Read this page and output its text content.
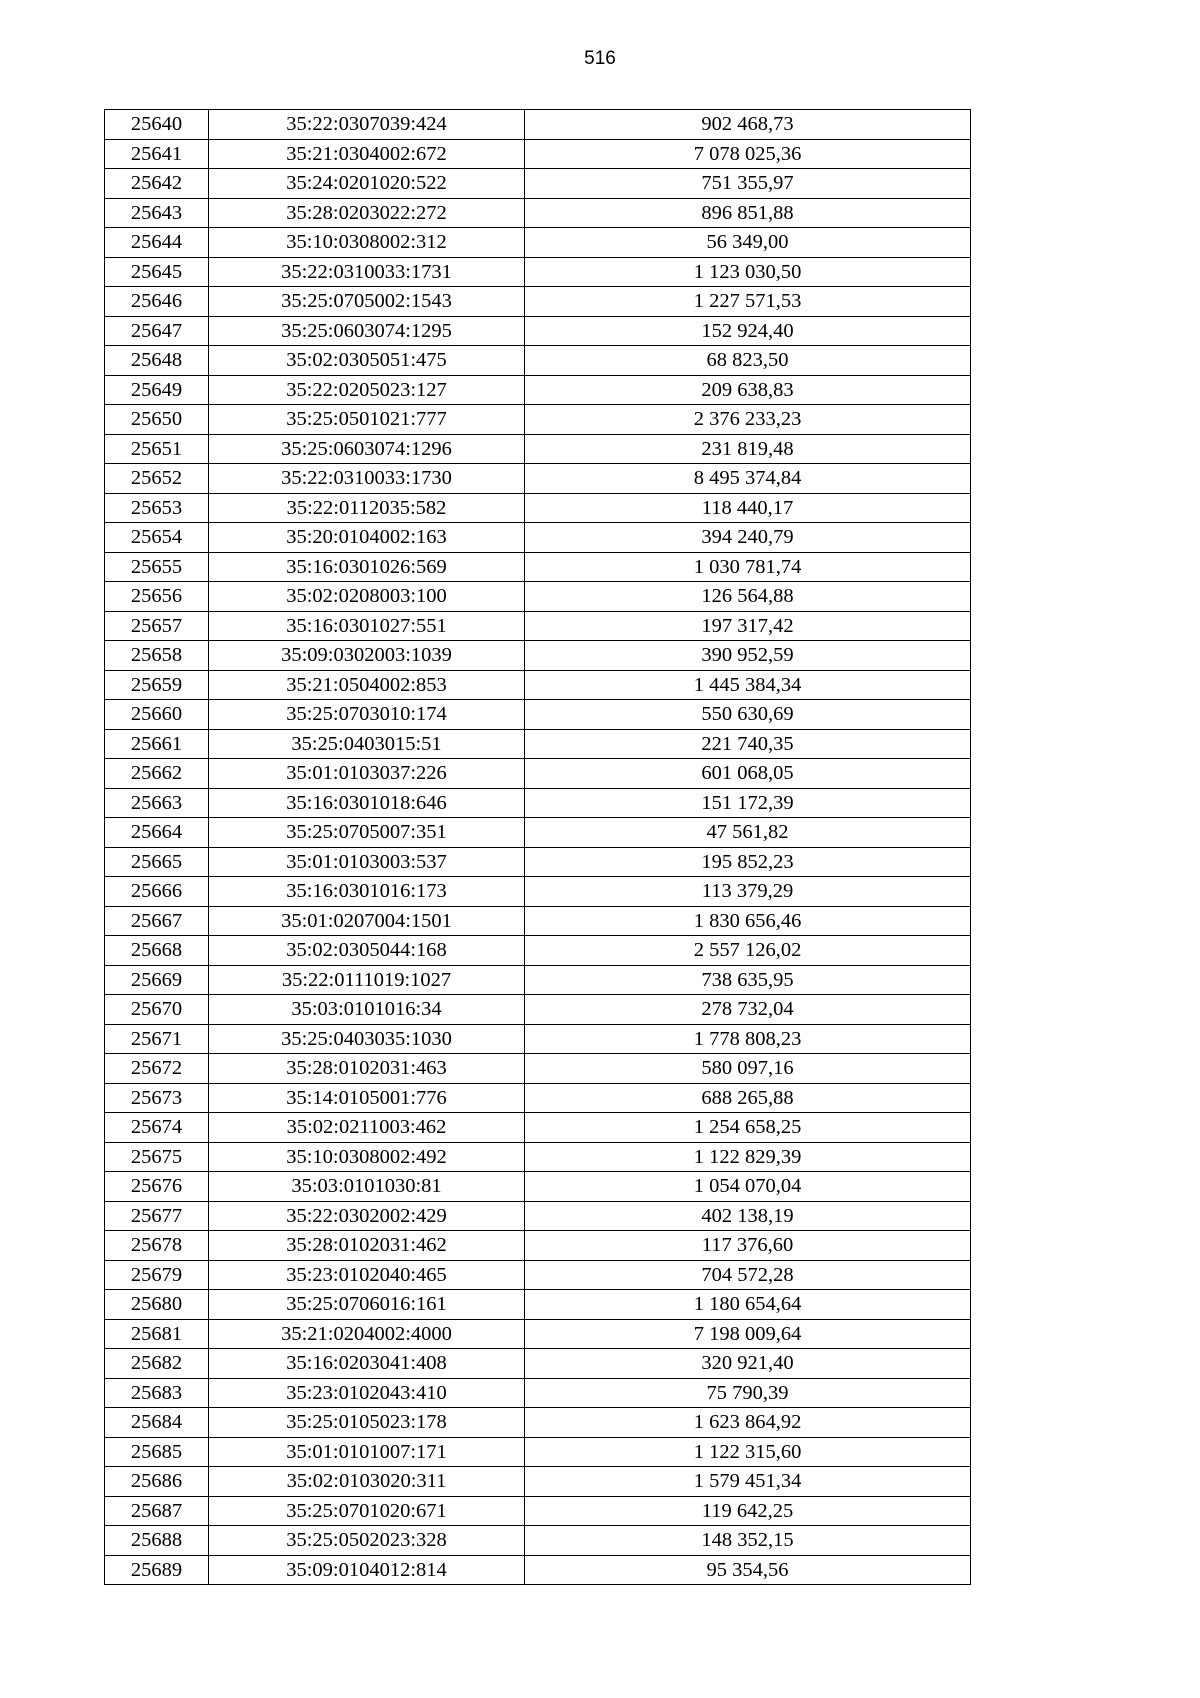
516
25640	35:22:0307039:424	902 468,73
25641	35:21:0304002:672	7 078 025,36
25642	35:24:0201020:522	751 355,97
25643	35:28:0203022:272	896 851,88
25644	35:10:0308002:312	56 349,00
25645	35:22:0310033:1731	1 123 030,50
25646	35:25:0705002:1543	1 227 571,53
25647	35:25:0603074:1295	152 924,40
25648	35:02:0305051:475	68 823,50
25649	35:22:0205023:127	209 638,83
25650	35:25:0501021:777	2 376 233,23
25651	35:25:0603074:1296	231 819,48
25652	35:22:0310033:1730	8 495 374,84
25653	35:22:0112035:582	118 440,17
25654	35:20:0104002:163	394 240,79
25655	35:16:0301026:569	1 030 781,74
25656	35:02:0208003:100	126 564,88
25657	35:16:0301027:551	197 317,42
25658	35:09:0302003:1039	390 952,59
25659	35:21:0504002:853	1 445 384,34
25660	35:25:0703010:174	550 630,69
25661	35:25:0403015:51	221 740,35
25662	35:01:0103037:226	601 068,05
25663	35:16:0301018:646	151 172,39
25664	35:25:0705007:351	47 561,82
25665	35:01:0103003:537	195 852,23
25666	35:16:0301016:173	113 379,29
25667	35:01:0207004:1501	1 830 656,46
25668	35:02:0305044:168	2 557 126,02
25669	35:22:0111019:1027	738 635,95
25670	35:03:0101016:34	278 732,04
25671	35:25:0403035:1030	1 778 808,23
25672	35:28:0102031:463	580 097,16
25673	35:14:0105001:776	688 265,88
25674	35:02:0211003:462	1 254 658,25
25675	35:10:0308002:492	1 122 829,39
25676	35:03:0101030:81	1 054 070,04
25677	35:22:0302002:429	402 138,19
25678	35:28:0102031:462	117 376,60
25679	35:23:0102040:465	704 572,28
25680	35:25:0706016:161	1 180 654,64
25681	35:21:0204002:4000	7 198 009,64
25682	35:16:0203041:408	320 921,40
25683	35:23:0102043:410	75 790,39
25684	35:25:0105023:178	1 623 864,92
25685	35:01:0101007:171	1 122 315,60
25686	35:02:0103020:311	1 579 451,34
25687	35:25:0701020:671	119 642,25
25688	35:25:0502023:328	148 352,15
25689	35:09:0104012:814	95 354,56
